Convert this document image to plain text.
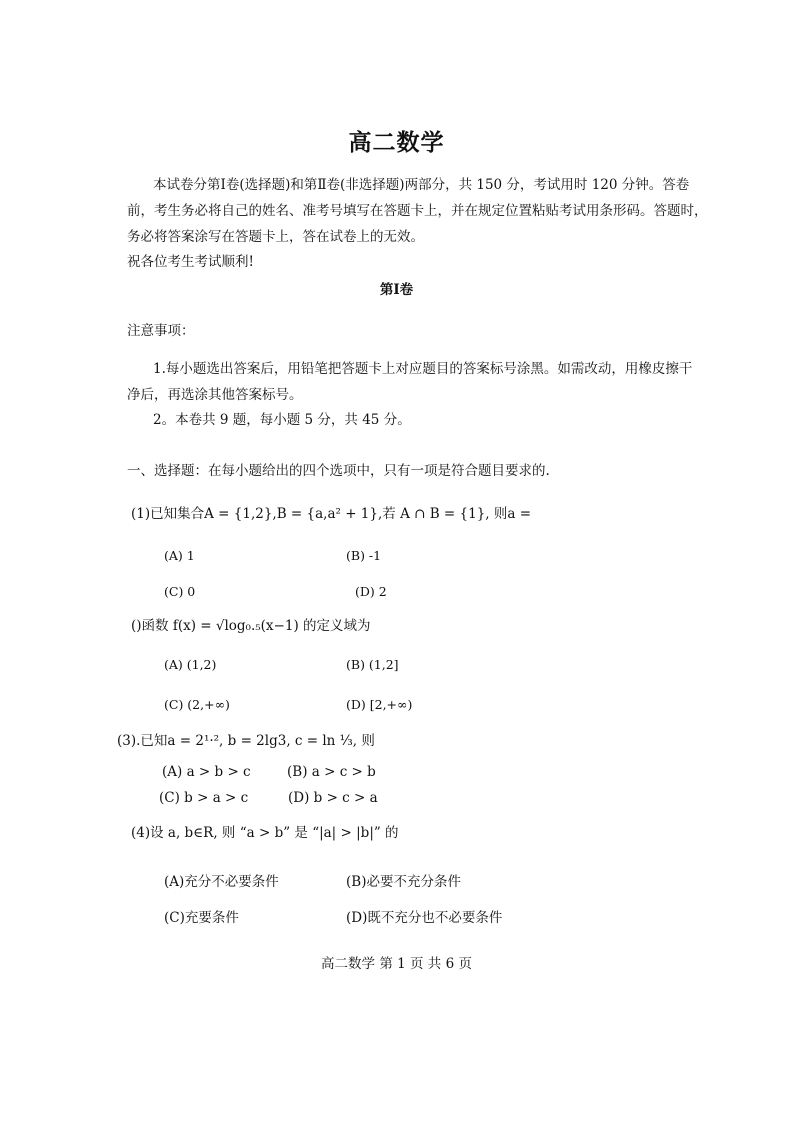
高二数学
本试卷分第Ⅰ卷(选择题)和第Ⅱ卷(非选择题)两部分，共 150 分，考试用时 120 分钟。答卷
前，考生务必将自己的姓名、准考号填写在答题卡上，并在规定位置粘贴考试用条形码。答题时，
务必将答案涂写在答题卡上，答在试卷上的无效。
祝各位考生考试顺利!
第Ⅰ卷
注意事项：
1.每小题选出答案后，用铅笔把答题卡上对应题目的答案标号涂黑。如需改动，用橡皮擦干
净后，再选涂其他答案标号。
2。本卷共 9 题，每小题 5 分，共 45 分。
一、选择题：在每小题给出的四个选项中，只有一项是符合题目要求的.
(1)已知集合A = {1,2},B = {a,a² + 1},若 A ∩ B = {1}, 则a =
(A) 1	(B) -1
(C) 0	(D) 2
()函数 f(x) = √log₀.₅(x−1) 的定义域为
(A) (1,2)	(B) (1,2]
(C) (2,+∞)	(D) [2,+∞)
(3).已知a = 2¹·², b = 2lg3, c = ln ⅓, 则
(A) a > b > c	(B) a > c > b
(C) b > a > c	(D) b > c > a
(4)设 a, b∈R, 则 “a > b” 是 “|a| > |b|” 的
(A)充分不必要条件	(B)必要不充分条件
(C)充要条件	(D)既不充分也不必要条件
高二数学 第 1 页 共 6 页
